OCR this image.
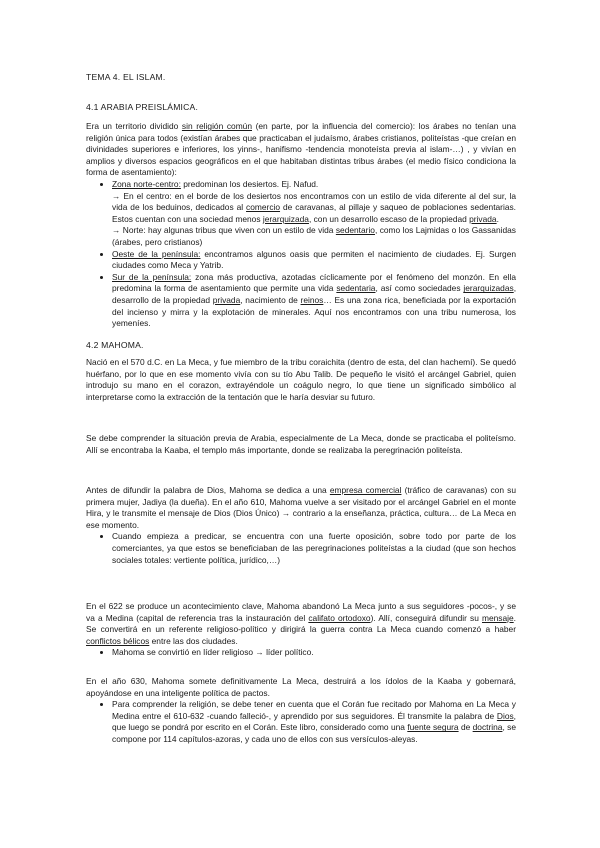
TEMA 4. EL ISLAM.
4.1 ARABIA PREISLÁMICA.

Era un territorio dividido sin religión común (en parte, por la influencia del comercio): los árabes no tenían una religión única para todos (existían árabes que practicaban el judaísmo, árabes cristianos, politeístas -que creían en divinidades superiores e inferiores, los yinns-, hanifismo -tendencia monoteísta previa al islam-…) , y vivían en amplios y diversos espacios geográficos en el que habitaban distintas tribus árabes (el medio físico condiciona la forma de asentamiento):

• Zona norte-centro: predominan los desiertos. Ej. Nafud.
→ En el centro: en el borde de los desiertos nos encontramos con un estilo de vida diferente al del sur, la vida de los beduinos, dedicados al comercio de caravanas, al pillaje y saqueo de poblaciones sedentarias. Estos cuentan con una sociedad menos jerarquizada, con un desarrollo escaso de la propiedad privada.
→ Norte: hay algunas tribus que viven con un estilo de vida sedentario, como los Lajmidas o los Gassanidas (árabes, pero cristianos)
• Oeste de la península: encontramos algunos oasis que permiten el nacimiento de ciudades. Ej. Surgen ciudades como Meca y Yatrib.
• Sur de la península: zona más productiva, azotadas cíclicamente por el fenómeno del monzón. En ella predomina la forma de asentamiento que permite una vida sedentaria, así como sociedades jerarquizadas, desarrollo de la propiedad privada, nacimiento de reinos… Es una zona rica, beneficiada por la exportación del incienso y mirra y la explotación de minerales. Aquí nos encontramos con una tribu numerosa, los yemeníes.
4.2 MAHOMA.

Nació en el 570 d.C. en La Meca, y fue miembro de la tribu coraichita (dentro de esta, del clan hachemí). Se quedó huérfano, por lo que en ese momento vivía con su tío Abu Talib. De pequeño le visitó el arcángel Gabriel, quien introdujo su mano en el corazon, extrayéndole un coágulo negro, lo que tiene un significado simbólico al interpretarse como la extracción de la tentación que le haría desviar su futuro.

Se debe comprender la situación previa de Arabia, especialmente de La Meca, donde se practicaba el politeísmo. Allí se encontraba la Kaaba, el templo más importante, donde se realizaba la peregrinación politeísta.

Antes de difundir la palabra de Dios, Mahoma se dedica a una empresa comercial (tráfico de caravanas) con su primera mujer, Jadiya (la dueña). En el año 610, Mahoma vuelve a ser visitado por el arcángel Gabriel en el monte Hira, y le transmite el mensaje de Dios (Dios Único) → contrario a la enseñanza, práctica, cultura… de La Meca en ese momento.

• Cuando empieza a predicar, se encuentra con una fuerte oposición, sobre todo por parte de los comerciantes, ya que estos se beneficiaban de las peregrinaciones politeístas a la ciudad (que son hechos sociales totales: vertiente política, jurídico,…)

En el 622 se produce un acontecimiento clave, Mahoma abandonó La Meca junto a sus seguidores -pocos-, y se va a Medina (capital de referencia tras la instauración del califato ortodoxo). Allí, conseguirá difundir su mensaje. Se convertirá en un referente religioso-político y dirigirá la guerra contra La Meca cuando comenzó a haber conflictos bélicos entre las dos ciudades.

• Mahoma se convirtió en líder religioso → líder político.

En el año 630, Mahoma somete definitivamente La Meca, destruirá a los ídolos de la Kaaba y gobernará, apoyándose en una inteligente política de pactos.

• Para comprender la religión, se debe tener en cuenta que el Corán fue recitado por Mahoma en La Meca y Medina entre el 610-632 -cuando falleció-, y aprendido por sus seguidores. Él transmite la palabra de Dios, que luego se pondrá por escrito en el Corán. Este libro, considerado como una fuente segura de doctrina, se compone por 114 capítulos-azoras, y cada uno de ellos con sus versículos-aleyas.
